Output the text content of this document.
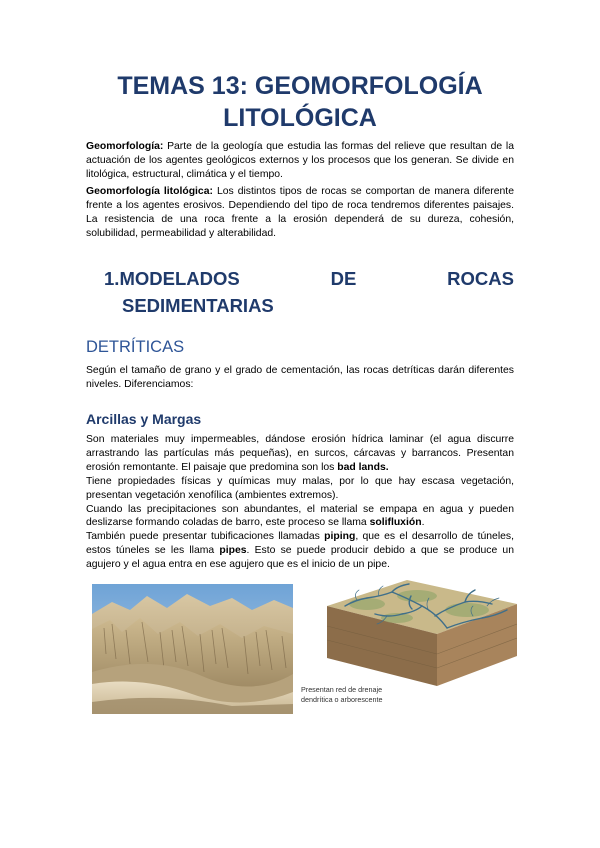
TEMAS 13: GEOMORFOLOGÍA
LITOLÓGICA

Geomorfología: Parte de la geología que estudia las formas del relieve que resultan de la actuación de los agentes geológicos externos y los procesos que los generan. Se divide en litológica, estructural, climática y el tiempo.

Geomorfología litológica: Los distintos tipos de rocas se comportan de manera diferente frente a los agentes erosivos. Dependiendo del tipo de roca tendremos diferentes paisajes. La resistencia de una roca frente a la erosión dependerá de su dureza, cohesión, solubilidad, permeabilidad y alterabilidad.

1.MODELADOS	DE	ROCAS
SEDIMENTARIAS
DETRÍTICAS

Según el tamaño de grano y el grado de cementación, las rocas detríticas darán diferentes niveles. Diferenciamos:

Arcillas y Margas
Son materiales muy impermeables, dándose erosión hídrica laminar (el agua discurre arrastrando las partículas más pequeñas), en surcos, cárcavas y barrancos. Presentan erosión remontante. El paisaje que predomina son los bad lands.
Tiene propiedades físicas y químicas muy malas, por lo que hay escasa vegetación, presentan vegetación xenofílica (ambientes extremos).
Cuando las precipitaciones son abundantes, el material se empapa en agua y pueden deslizarse formando coladas de barro, este proceso se llama solifluxión.
También puede presentar tubificaciones llamadas piping, que es el desarrollo de túneles, estos túneles se les llama pipes. Esto se puede producir debido a que se produce un agujero y el agua entra en ese agujero que es el inicio de un pipe.
Presentan red de drenaje
dendrítica o arborescente
